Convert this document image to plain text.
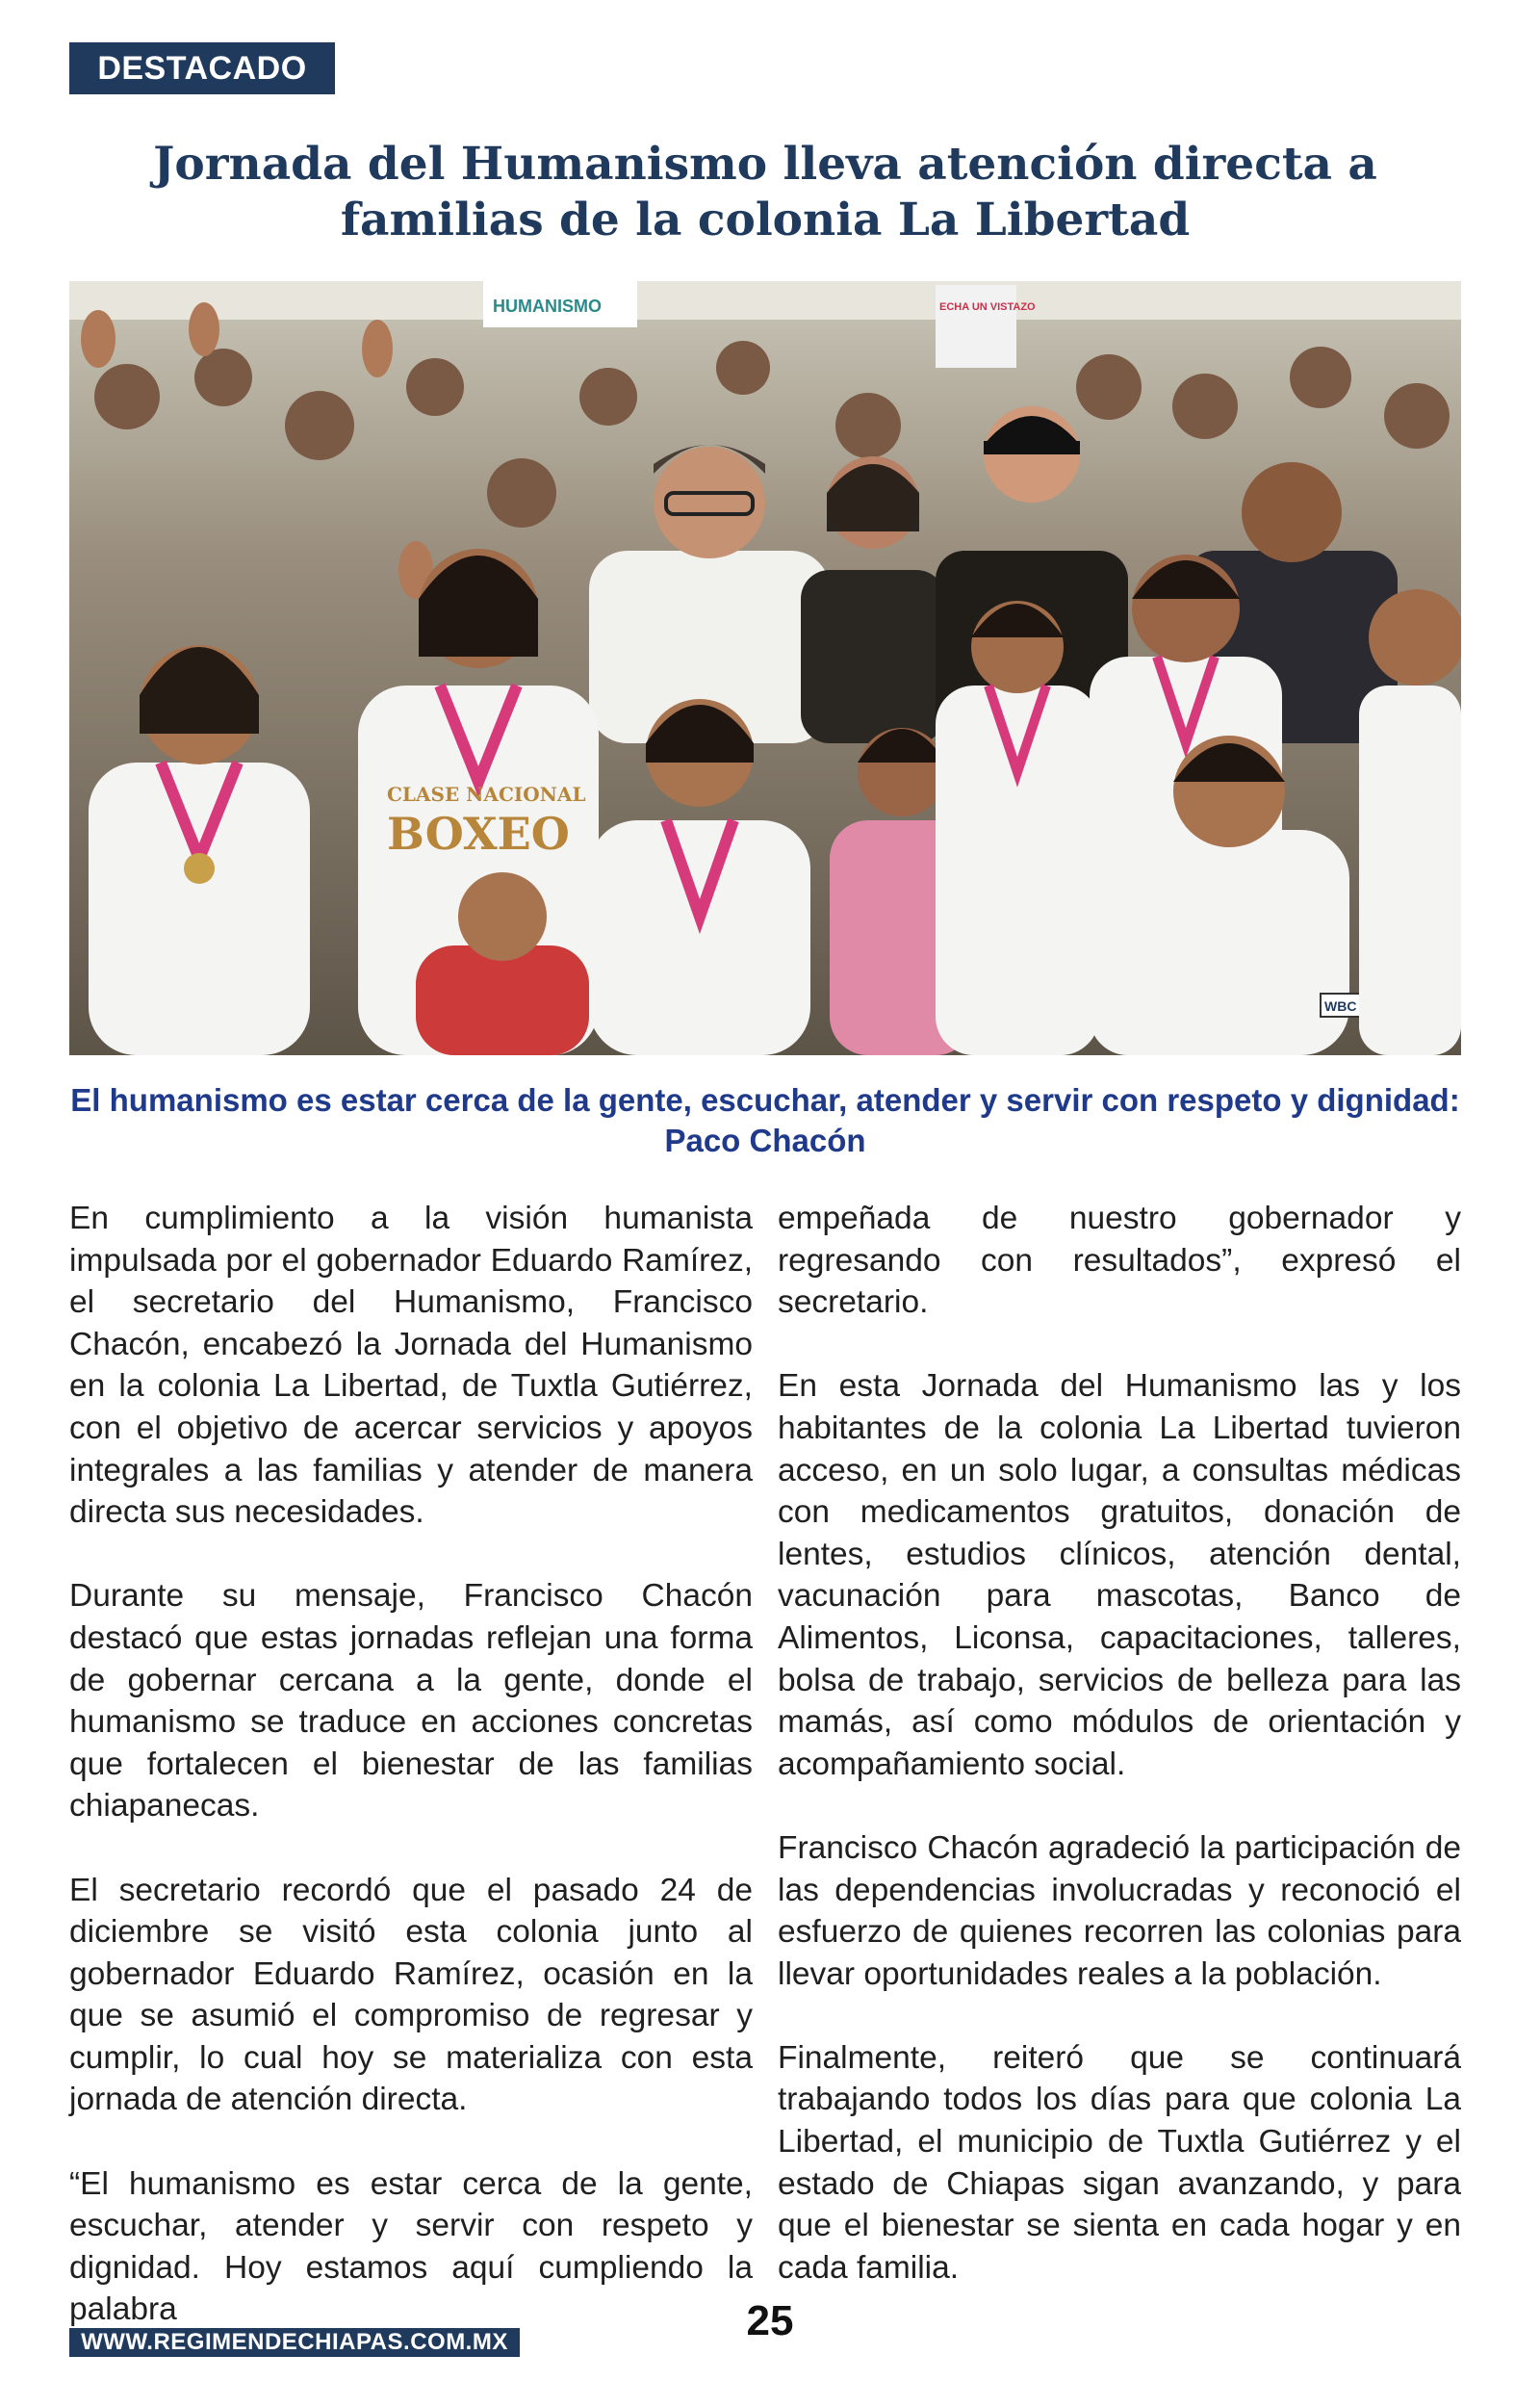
DESTACADO
Jornada del Humanismo lleva atención directa a familias de la colonia La Libertad
HUMANISMO	ECHA UN VISTAZO
CLASE NACIONAL
BOXEO
WBC

El humanismo es estar cerca de la gente, escuchar, atender y servir con respeto y dignidad: Paco Chacón

En cumplimiento a la visión humanista impulsada por el gobernador Eduardo Ramírez, el secretario del Humanismo, Francisco Chacón, encabezó la Jornada del Humanismo en la colonia La Libertad, de Tuxtla Gutiérrez, con el objetivo de acercar servicios y apoyos integrales a las familias y atender de manera directa sus necesidades.

Durante su mensaje, Francisco Chacón destacó que estas jornadas reflejan una forma de gobernar cercana a la gente, donde el humanismo se traduce en acciones concretas que fortalecen el bienestar de las familias chiapanecas.

El secretario recordó que el pasado 24 de diciembre se visitó esta colonia junto al gobernador Eduardo Ramírez, ocasión en la que se asumió el compromiso de regresar y cumplir, lo cual hoy se materializa con esta jornada de atención directa.

“El humanismo es estar cerca de la gente, escuchar, atender y servir con respeto y dignidad. Hoy estamos aquí cumpliendo la palabra

empeñada de nuestro gobernador y regresando con resultados”, expresó el secretario.

En esta Jornada del Humanismo las y los habitantes de la colonia La Libertad tuvieron acceso, en un solo lugar, a consultas médicas con medicamentos gratuitos, donación de lentes, estudios clínicos, atención dental, vacunación para mascotas, Banco de Alimentos, Liconsa, capacitaciones, talleres, bolsa de trabajo, servicios de belleza para las mamás, así como módulos de orientación y acompañamiento social.

Francisco Chacón agradeció la participación de las dependencias involucradas y reconoció el esfuerzo de quienes recorren las colonias para llevar oportunidades reales a la población.

Finalmente, reiteró que se continuará trabajando todos los días para que colonia La Libertad, el municipio de Tuxtla Gutiérrez y el estado de Chiapas sigan avanzando, y para que el bienestar se sienta en cada hogar y en cada familia.

WWW.REGIMENDECHIAPAS.COM.MX	25
